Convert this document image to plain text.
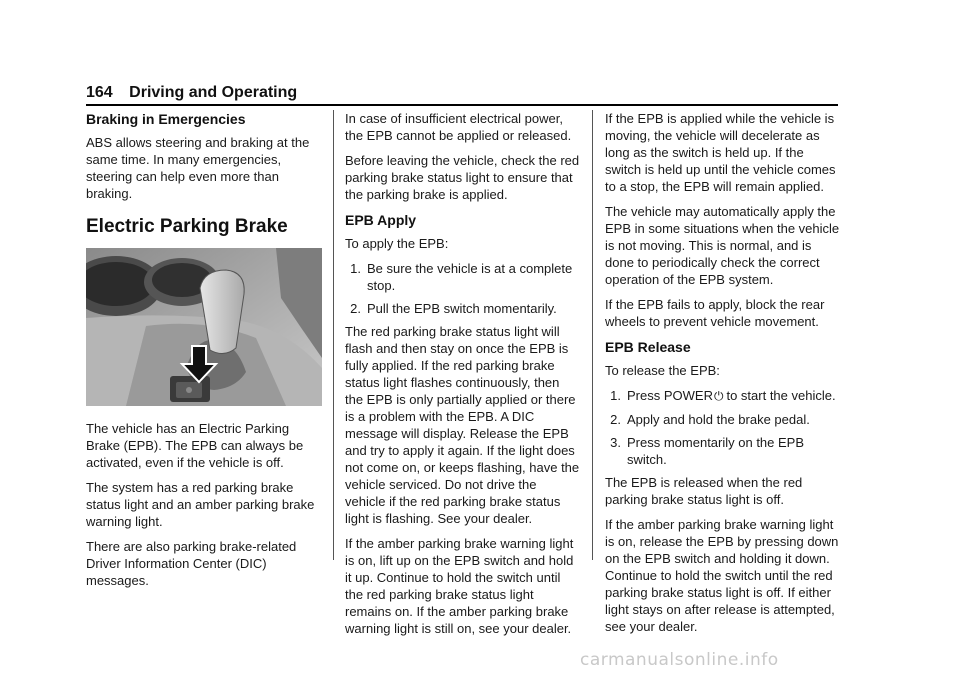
164 Driving and Operating
Braking in Emergencies

ABS allows steering and braking at the same time. In many emergencies, steering can help even more than braking.

Electric Parking Brake

The vehicle has an Electric Parking Brake (EPB). The EPB can always be activated, even if the vehicle is off.

The system has a red parking brake status light and an amber parking brake warning light.

There are also parking brake-related Driver Information Center (DIC) messages.

In case of insufficient electrical power, the EPB cannot be applied or released.

Before leaving the vehicle, check the red parking brake status light to ensure that the parking brake is applied.

EPB Apply

To apply the EPB:

1. Be sure the vehicle is at a complete stop.
2. Pull the EPB switch momentarily.

The red parking brake status light will flash and then stay on once the EPB is fully applied. If the red parking brake status light flashes continuously, then the EPB is only partially applied or there is a problem with the EPB. A DIC message will display. Release the EPB and try to apply it again. If the light does not come on, or keeps flashing, have the vehicle serviced. Do not drive the vehicle if the red parking brake status light is flashing. See your dealer.

If the amber parking brake warning light is on, lift up on the EPB switch and hold it up. Continue to hold the switch until the red parking brake status light remains on. If the amber parking brake warning light is still on, see your dealer.

If the EPB is applied while the vehicle is moving, the vehicle will decelerate as long as the switch is held up. If the switch is held up until the vehicle comes to a stop, the EPB will remain applied.

The vehicle may automatically apply the EPB in some situations when the vehicle is not moving. This is normal, and is done to periodically check the correct operation of the EPB system.

If the EPB fails to apply, block the rear wheels to prevent vehicle movement.

EPB Release

To release the EPB:

1. Press POWER⏻ to start the vehicle.
2. Apply and hold the brake pedal.
3. Press momentarily on the EPB switch.

The EPB is released when the red parking brake status light is off.

If the amber parking brake warning light is on, release the EPB by pressing down on the EPB switch and holding it down. Continue to hold the switch until the red parking brake status light is off. If either light stays on after release is attempted, see your dealer.

carmanualsonline.info
